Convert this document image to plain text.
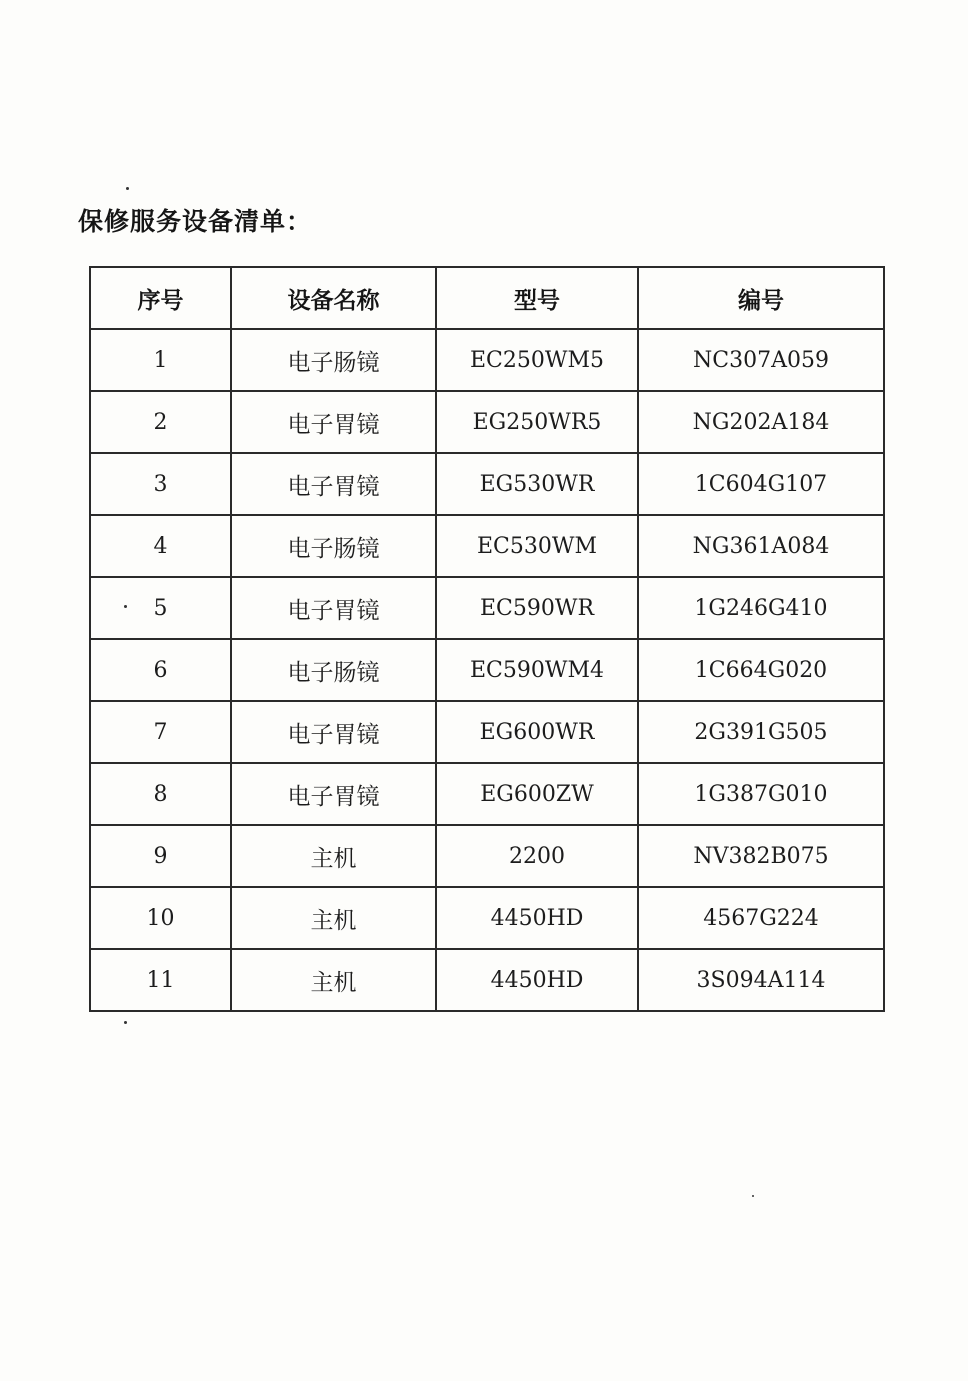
保修服务设备清单：
序号	设备名称	型号	编号
1	电子肠镜	EC250WM5	NC307A059
2	电子胃镜	EG250WR5	NG202A184
3	电子胃镜	EG530WR	1C604G107
4	电子肠镜	EC530WM	NG361A084
5	电子胃镜	EC590WR	1G246G410
6	电子肠镜	EC590WM4	1C664G020
7	电子胃镜	EG600WR	2G391G505
8	电子胃镜	EG600ZW	1G387G010
9	主机	2200	NV382B075
10	主机	4450HD	4567G224
11	主机	4450HD	3S094A114
